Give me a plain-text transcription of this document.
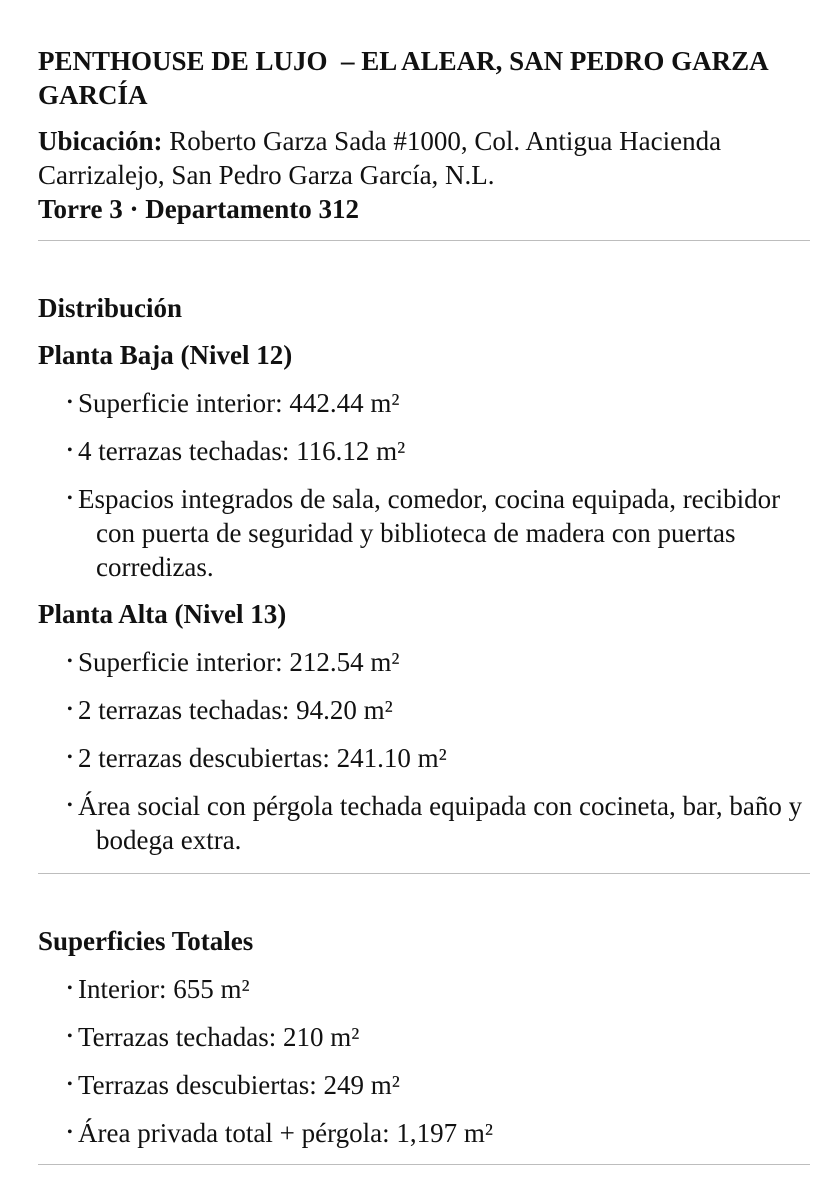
PENTHOUSE DE LUJO  – EL ALEAR, SAN PEDRO GARZA GARCÍA
Ubicación: Roberto Garza Sada #1000, Col. Antigua Hacienda Carrizalejo, San Pedro Garza García, N.L.
Torre 3 · Departamento 312
Distribución
Planta Baja (Nivel 12)
• Superficie interior: 442.44 m²
• 4 terrazas techadas: 116.12 m²
• Espacios integrados de sala, comedor, cocina equipada, recibidor con puerta de seguridad y biblioteca de madera con puertas corredizas.
Planta Alta (Nivel 13)
• Superficie interior: 212.54 m²
• 2 terrazas techadas: 94.20 m²
• 2 terrazas descubiertas: 241.10 m²
• Área social con pérgola techada equipada con cocineta, bar, baño y bodega extra.
Superficies Totales
• Interior: 655 m²
• Terrazas techadas: 210 m²
• Terrazas descubiertas: 249 m²
• Área privada total + pérgola: 1,197 m²
